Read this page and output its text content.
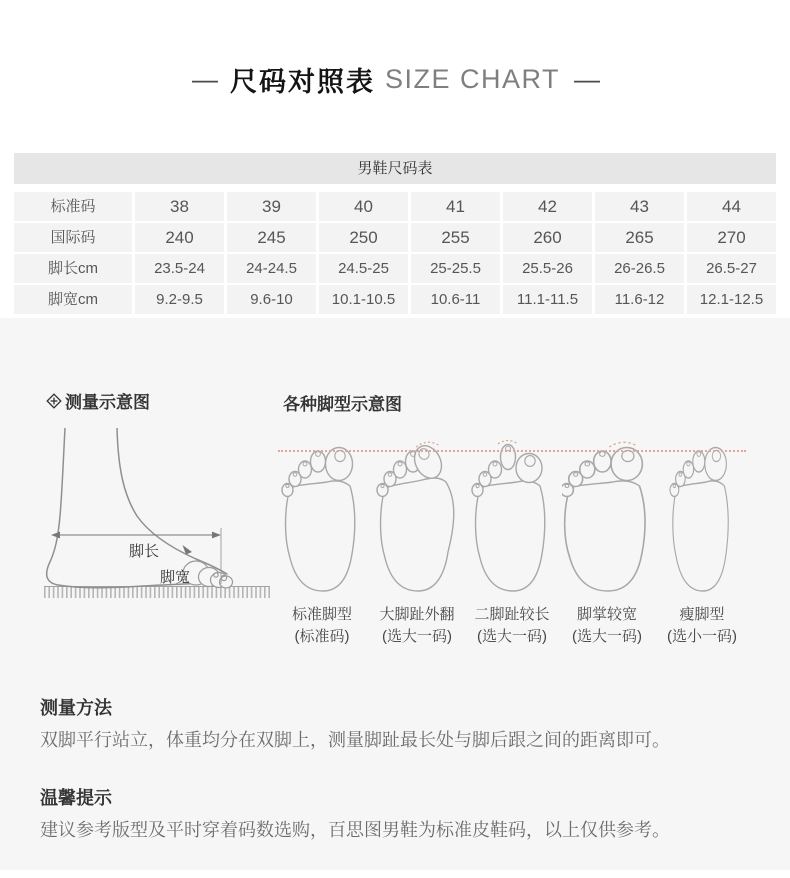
— 尺码对照表 SIZE CHART —
男鞋尺码表
标准码	38	39	40	41	42	43	44
国际码	240	245	250	255	260	265	270
脚长cm	23.5-24	24-24.5	24.5-25	25-25.5	25.5-26	26-26.5	26.5-27
脚宽cm	9.2-9.5	9.6-10	10.1-10.5	10.6-11	11.1-11.5	11.6-12	12.1-12.5
测量示意图	各种脚型示意图
脚长
脚宽
标准脚型
(标准码)
大脚趾外翻
(选大一码)
二脚趾较长
(选大一码)
脚掌较宽
(选大一码)
瘦脚型
(选小一码)
测量方法
双脚平行站立，体重均分在双脚上，测量脚趾最长处与脚后跟之间的距离即可。
温馨提示
建议参考版型及平时穿着码数选购，百思图男鞋为标准皮鞋码，以上仅供参考。
